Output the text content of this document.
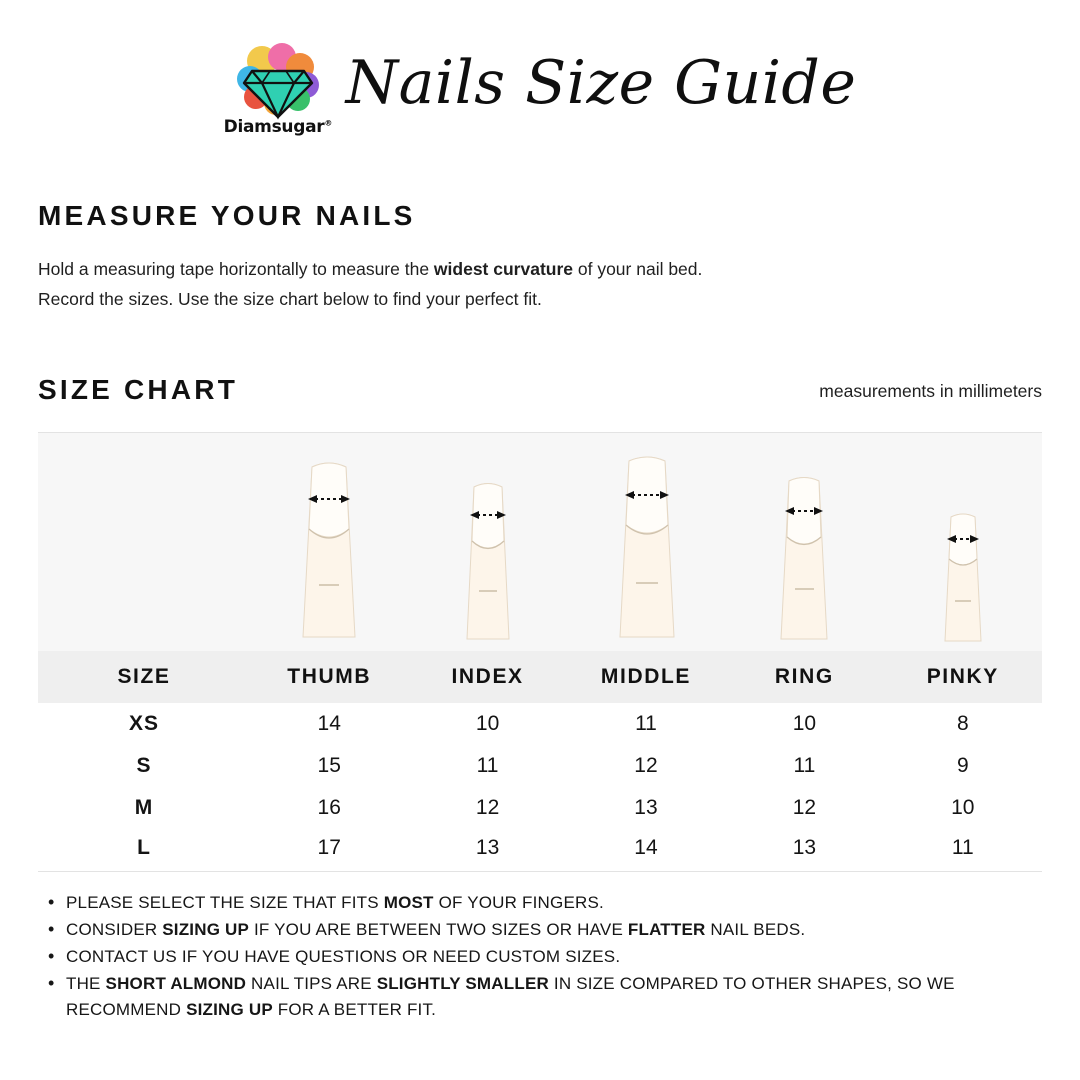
Diamsugar®
Nails Size Guide
MEASURE YOUR NAILS
Hold a measuring tape horizontally to measure the widest curvature of your nail bed.
Record the sizes. Use the size chart below to find your perfect fit.
SIZE CHART	measurements in millimeters
SIZE	THUMB	INDEX	MIDDLE	RING	PINKY
XS	14	10	11	10	8
S	15	11	12	11	9
M	16	12	13	12	10
L	17	13	14	13	11
• PLEASE SELECT THE SIZE THAT FITS MOST OF YOUR FINGERS.
• CONSIDER SIZING UP IF YOU ARE BETWEEN TWO SIZES OR HAVE FLATTER NAIL BEDS.
• CONTACT US IF YOU HAVE QUESTIONS OR NEED CUSTOM SIZES.
• THE SHORT ALMOND NAIL TIPS ARE SLIGHTLY SMALLER IN SIZE COMPARED TO OTHER SHAPES, SO WE RECOMMEND SIZING UP FOR A BETTER FIT.
